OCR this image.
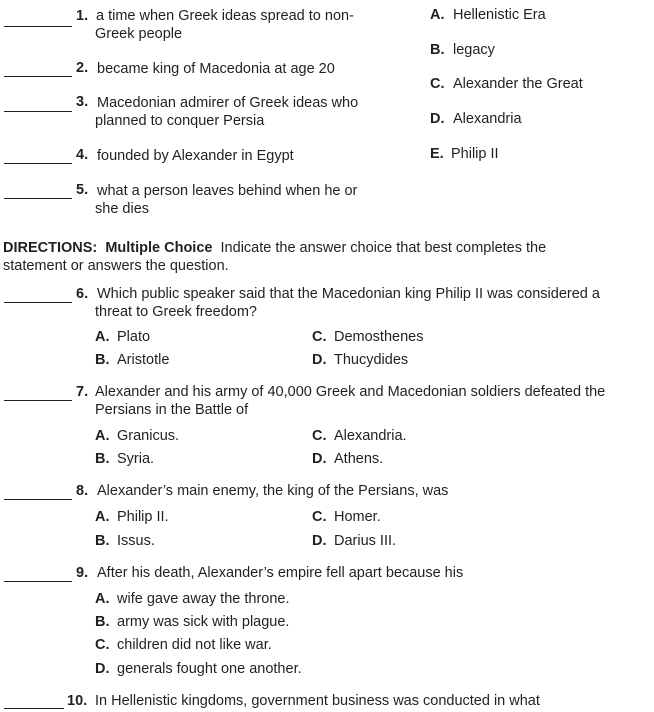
1. a time when Greek ideas spread to non-
Greek people
2. became king of Macedonia at age 20
3. Macedonian admirer of Greek ideas who
planned to conquer Persia
4. founded by Alexander in Egypt
5. what a person leaves behind when he or
she dies
A. Hellenistic Era
B. legacy
C. Alexander the Great
D. Alexandria
E. Philip II
DIRECTIONS: Multiple Choice Indicate the answer choice that best completes the
statement or answers the question.
6. Which public speaker said that the Macedonian king Philip II was considered a
threat to Greek freedom?
A. Plato
B. Aristotle
C. Demosthenes
D. Thucydides
7. Alexander and his army of 40,000 Greek and Macedonian soldiers defeated the
Persians in the Battle of
A. Granicus.
B. Syria.
C. Alexandria.
D. Athens.
8. Alexander’s main enemy, the king of the Persians, was
A. Philip II.
B. Issus.
C. Homer.
D. Darius III.
9. After his death, Alexander’s empire fell apart because his
A. wife gave away the throne.
B. army was sick with plague.
C. children did not like war.
D. generals fought one another.
10. In Hellenistic kingdoms, government business was conducted in what
